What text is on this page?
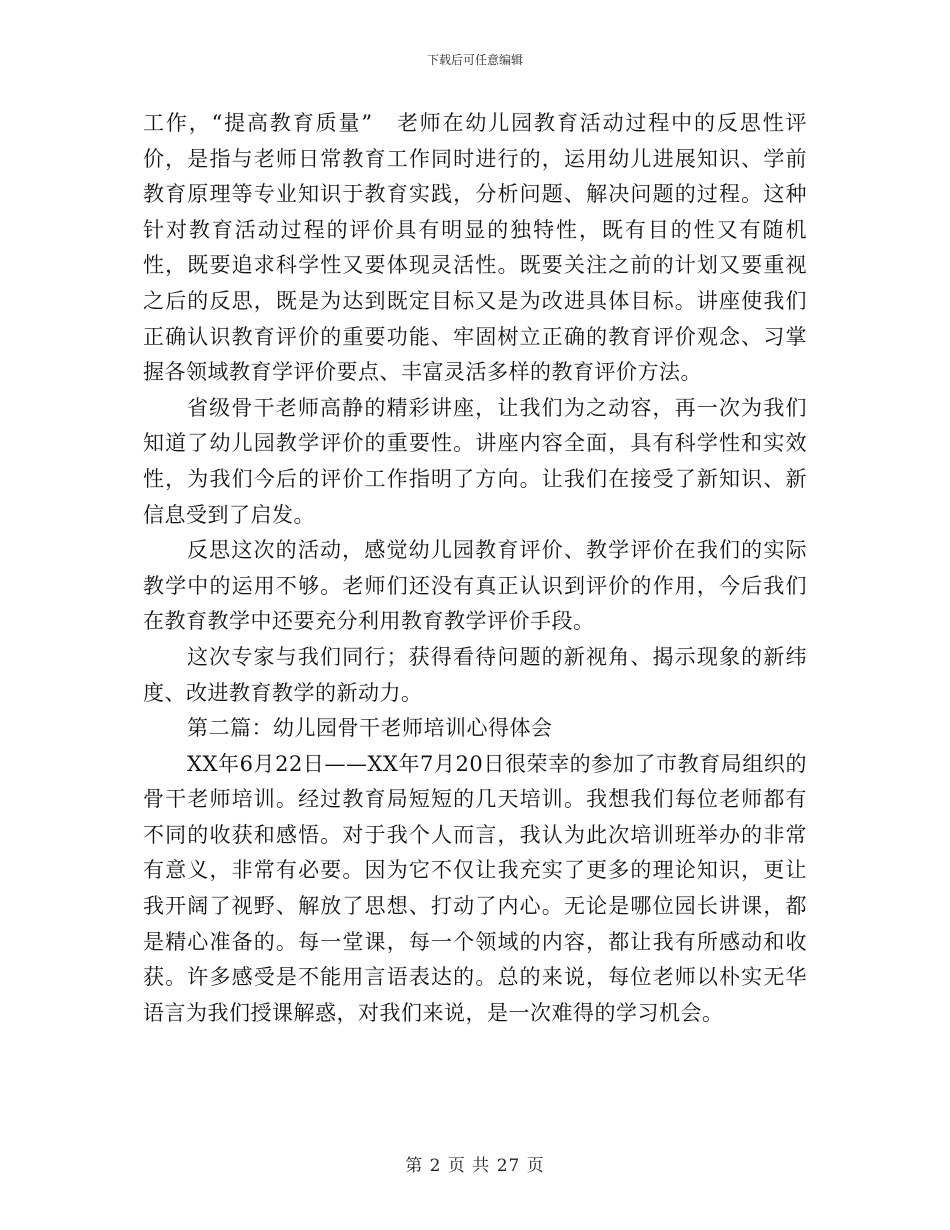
下载后可任意编辑

工作，“提高教育质量”　老师在幼儿园教育活动过程中的反思性评价，是指与老师日常教育工作同时进行的，运用幼儿进展知识、学前教育原理等专业知识于教育实践，分析问题、解决问题的过程。这种针对教育活动过程的评价具有明显的独特性，既有目的性又有随机性，既要追求科学性又要体现灵活性。既要关注之前的计划又要重视之后的反思，既是为达到既定目标又是为改进具体目标。讲座使我们正确认识教育评价的重要功能、牢固树立正确的教育评价观念、习掌握各领域教育学评价要点、丰富灵活多样的教育评价方法。

省级骨干老师高静的精彩讲座，让我们为之动容，再一次为我们知道了幼儿园教学评价的重要性。讲座内容全面，具有科学性和实效性，为我们今后的评价工作指明了方向。让我们在接受了新知识、新信息受到了启发。

反思这次的活动，感觉幼儿园教育评价、教学评价在我们的实际教学中的运用不够。老师们还没有真正认识到评价的作用，今后我们在教育教学中还要充分利用教育教学评价手段。

这次专家与我们同行；获得看待问题的新视角、揭示现象的新纬度、改进教育教学的新动力。

第二篇：幼儿园骨干老师培训心得体会

XX年6月22日——XX年7月20日很荣幸的参加了市教育局组织的骨干老师培训。经过教育局短短的几天培训。我想我们每位老师都有不同的收获和感悟。对于我个人而言，我认为此次培训班举办的非常有意义，非常有必要。因为它不仅让我充实了更多的理论知识，更让我开阔了视野、解放了思想、打动了内心。无论是哪位园长讲课，都是精心准备的。每一堂课，每一个领域的内容，都让我有所感动和收获。许多感受是不能用言语表达的。总的来说，每位老师以朴实无华语言为我们授课解惑，对我们来说，是一次难得的学习机会。

第 2 页 共 27 页
